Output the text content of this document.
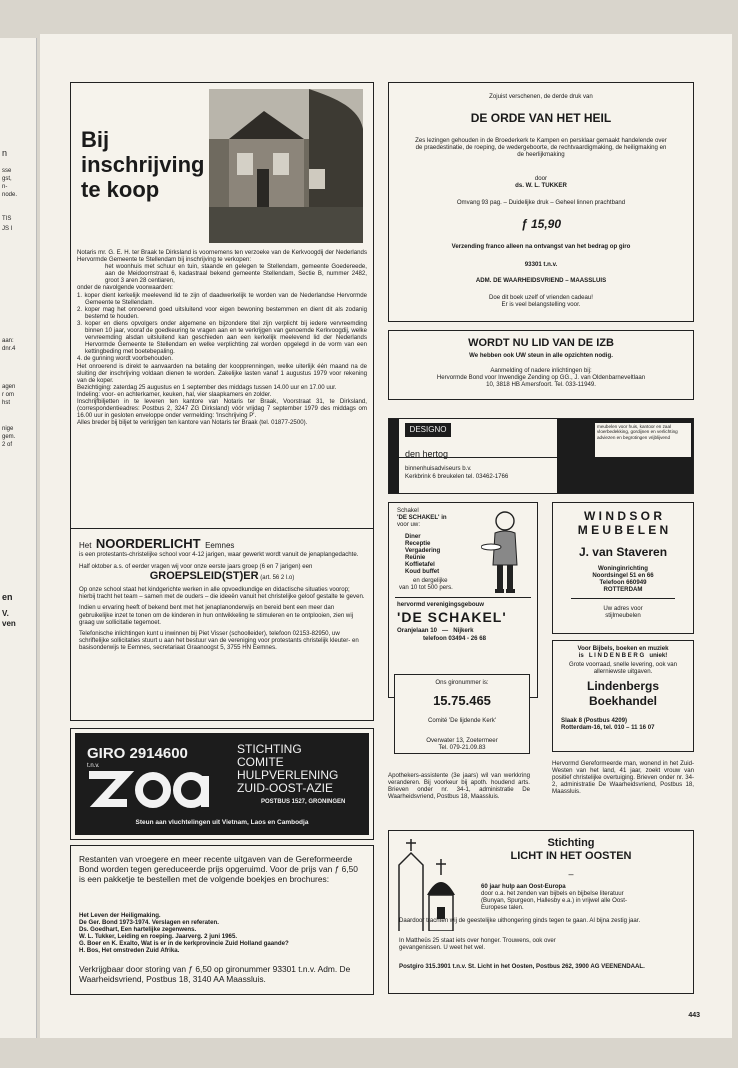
n
sse
gst,
n-
node.
TIS
JS I
aan:
dnr.4
agen
r om
hst
nige
gem.
2 of
en
V.
ven
Bij inschrijving te koop

Notaris mr. G. E. H. ter Braak te Dirksland is voornemens ten verzoeke van de Kerkvoogdij der Nederlands Hervormde Gemeente te Stellendam bij inschrijving te verkopen:

het woonhuis met schuur en tuin, staande en gelegen te Stellendam, gemeente Goedereede, aan de Meidoornstraat 6, kadastraal bekend gemeente Stellendam, Sectie B, nummer 2482, groot 3 aren 28 centiaren,

onder de navolgende voorwaarden:

1. koper dient kerkelijk meelevend lid te zijn of daadwerkelijk te worden van de Nederlandse Hervormde Gemeente te Stellendam.

2. koper mag het onroerend goed uitsluitend voor eigen bewoning bestemmen en dient dit als zodanig bestemd te houden.

3. koper en diens opvolgers onder algemene en bijzondere titel zijn verplicht bij iedere vervreemding binnen 10 jaar, vooraf de goedkeuring te vragen aan en te verkrijgen van genoemde Kerkvoogdij, welke vervreemding alsdan uitsluitend kan geschieden aan een kerkelijk meelevend lid der Nederlands Hervormde Gemeente te Stellendam en welke verplichting zal worden opgelegd in de vorm van een kettingbeding met boetebepaling.

4. de gunning wordt voorbehouden.

Het onroerend is direkt te aanvaarden na betaling der koopprenningen, welke uiterlijk één maand na de sluiting der inschrijving voldaan dienen te worden. Zakelijke lasten vanaf 1 augustus 1979 voor rekening van de koper.

Bezichtiging: zaterdag 25 augustus en 1 september des middags tussen 14.00 uur en 17.00 uur.

Indeling: voor- en achterkamer, keuken, hal, vier slaapkamers en zolder.

Inschrijfbiljetten in te leveren ten kantore van Notaris ter Braak, Voorstraat 31, te Dirksland, (correspondentieadres: Postbus 2, 3247 ZG Dirksland) vóór vrijdag 7 september 1979 des middags om 16.00 uur in gesloten enveloppe onder vermelding: 'Inschrijving P'.

Alles breder bij biljet te verkrijgen ten kantore van Notaris ter Braak (tel. 01877-2500).

Het NOORDERLICHT Eemnes

is een protestants-christelijke school voor 4-12 jarigen, waar gewerkt wordt vanuit de jenaplangedachte.

Half oktober a.s. of eerder vragen wij voor onze eerste jaars groep (6 en 7 jarigen) een

GROEPSLEID(ST)ER (art. 56 2 l.o)

Op onze school staat het kindgerichte werken in alle opvoedkundige en didactische situaties voorop; hierbij tracht het team – samen met de ouders – die ideeën vanuit het christelijke geloof gestalte te geven.

Indien u ervaring heeft of bekend bent met het jenaplanonderwijs en bereid bent een meer dan gebruikelijke inzet te tonen om de kinderen in hun ontwikkeling te stimuleren en te ontplooien, zien wij graag uw sollicitatie tegemoet.

Telefonische inlichtingen kunt u inwinnen bij Piet Visser (schoolleider), telefoon 02153-82950, uw schriftelijke sollicitaties stuurt u aan het bestuur van de vereniging voor protestants christelijk kleuter- en basisonderwijs te Eemnes, secretariaat Graanoogst 5, 3755 HN Eemnes.

GIRO 2914600
t.n.v.
STICHTING
COMITE
HULPVERLENING
ZUID-OOST-AZIE
POSTBUS 1527, GRONINGEN
Steun aan vluchtelingen uit Vietnam, Laos en Cambodja
Restanten van vroegere en meer recente uitgaven van de Gereformeerde Bond worden tegen gereduceerde prijs opgeruimd. Voor de prijs van ƒ 6,50 is een pakketje te bestellen met de volgende boekjes en brochures:

Het Leven der Heiligmaking.

De Ger. Bond 1973-1974. Verslagen en referaten.

Ds. Goedhart, Een hartelijke zegenwens.

W. L. Tukker, Leiding en roeping. Jaarverg. 2 juni 1965.

G. Boer en K. Exalto, Wat is er in de kerkprovincie Zuid Holland gaande?

H. Bos, Het omstreden Zuid Afrika.

Verkrijgbaar door storing van ƒ 6,50 op gironummer 93301 t.n.v. Adm. De Waarheidsvriend, Postbus 18, 3140 AA Maassluis.
Zojuist verschenen, de derde druk van
DE ORDE VAN HET HEIL
Zes lezingen gehouden in de Broederkerk te Kampen en persklaar gemaakt handelende over de praedestinatie, de roeping, de wedergeboorte, de rechtvaardigmaking, de heiligmaking en de heerlijkmaking
door
ds. W. L. TUKKER
Omvang 93 pag. – Duidelijke druk – Geheel linnen prachtband
ƒ 15,90
Verzending franco alleen na ontvangst van het bedrag op giro
93301 t.n.v.
ADM. DE WAARHEIDSVRIEND – MAASSLUIS
Doe dit boek uzelf of vrienden cadeau!
Er is veel belangstelling voor.
WORDT NU LID VAN DE IZB
We hebben ook UW steun in alle opzichten nodig.
Aanmelding of nadere inlichtingen bij:
Hervormde Bond voor Inwendige Zending op GG., J. van Oldenbarneveltlaan
10, 3818 HB Amersfoort. Tel. 033-11949.
DESIGNO
den hertog
binnenhuisadviseurs b.v.
Kerkbrink 6 breukelen tel. 03462-1766
meubelen voor huis, kantoor en zaal vloerbedekking, gordijnen en verlichting adviezen en begrotingen vrijblijvend
Schakel
'DE SCHAKEL' in
voor uw:

Diner

Receptie

Vergadering

Reünie

Koffietafel

Koud buffet

en dergelijke
van 10 tot 500 pers.
hervormd verenigingsgebouw
'DE SCHAKEL'
Oranjelaan 10   —   Nijkerk
telefoon 03494 - 26 68
Ons gironummer is:
15.75.465
Comité 'De lijdende Kerk'
Overwater 13, Zoetermeer
Tel. 079-21.09.83
W I N D S O R
M E U B E L E N
J. van Staveren
Woninginrichting
Noordsingel 51 en 66
Telefoon 660949
ROTTERDAM
Uw adres voor
stijlmeubelen
Voor Bijbels, boeken en muziek
is   L I N D E N B E R G   uniek!
Grote voorraad, snelle levering, ook van allerniewste uitgaven.
Lindenbergs
Boekhandel
Slaak 8 (Postbus 4209)
Rotterdam-16, tel. 010 – 11 16 07
Apothekers-assistente (3e jaars) wil van werkkring veranderen. Bij voorkeur bij apoth. houdend arts. Brieven onder nr. 34-1, administratie De Waarheidsvriend, Postbus 18, Maassluis.
Hervormd Gereformeerde man, wonend in het Zuid-Westen van het land, 41 jaar, zoekt vrouw van positief christelijke overtuiging. Brieven onder nr. 34-2, administratie De Waarheidsvriend, Postbus 18, Maassluis.
Stichting
LICHT IN HET OOSTEN
–
60 jaar hulp aan Oost-Europa
door o.a. het zenden van bijbels en bijbelse literatuur (Bunyan, Spurgeon, Hallesby e.a.) in vrijwel alle Oost-Europese talen.
Daardoor trachten wij de geestelijke uithongering ginds tegen te gaan. Al bijna zestig jaar.
In Mattheüs 25 staat iets over honger. Trouwens, ook over gevangenissen. U weet het wel.
Postgiro 315.3901 t.n.v. St. Licht in het Oosten, Postbus 262, 3900 AG VEENENDAAL.
443
